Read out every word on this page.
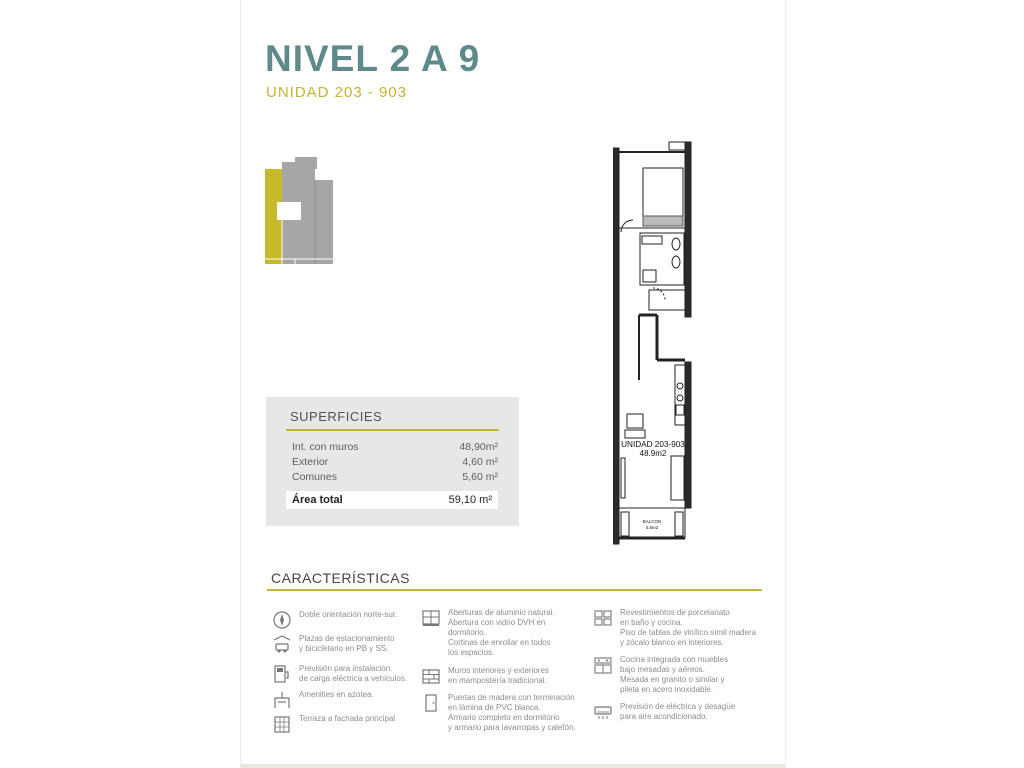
NIVEL 2 A 9

UNIDAD 203 - 903

UNIDAD 203-903
48.9m2
BALCON
4.6m2
SUPERFICIES
Int. con muros	48,90m²
Exterior	4,60 m²
Comunes	5,60 m²
Área total	59,10 m²
CARACTERÍSTICAS
Doble orientación norte-sur.
Plazas de estacionamiento
y bicicletario en PB y SS.
Previsión para instalación
de carga eléctrica a vehículos.
Amenities en azotea.
Terraza a fachada principal
Aberturas de aluminio natural.
Abertura con vidrio DVH en
dormitorio.
Cortinas de enrollar en todos
los espacios.
Muros interiores y exteriores
en mampostería tradicional.
Puertas de madera con terminación
en lámina de PVC blanca.
Armario completo en dormitorio
y armario para lavarropas y calefón.
Revestimientos de porcelanato
en baño y cocina.
Piso de tablas de vinílico símil madera
y zócalo blanco en interiores.
Cocina integrada con muebles
bajo mesadas y aéreos.
Mesada en granito o similar y
pileta en acero inoxidable.
Previsión de eléctrica y desagüe
para aire acondicionado.
